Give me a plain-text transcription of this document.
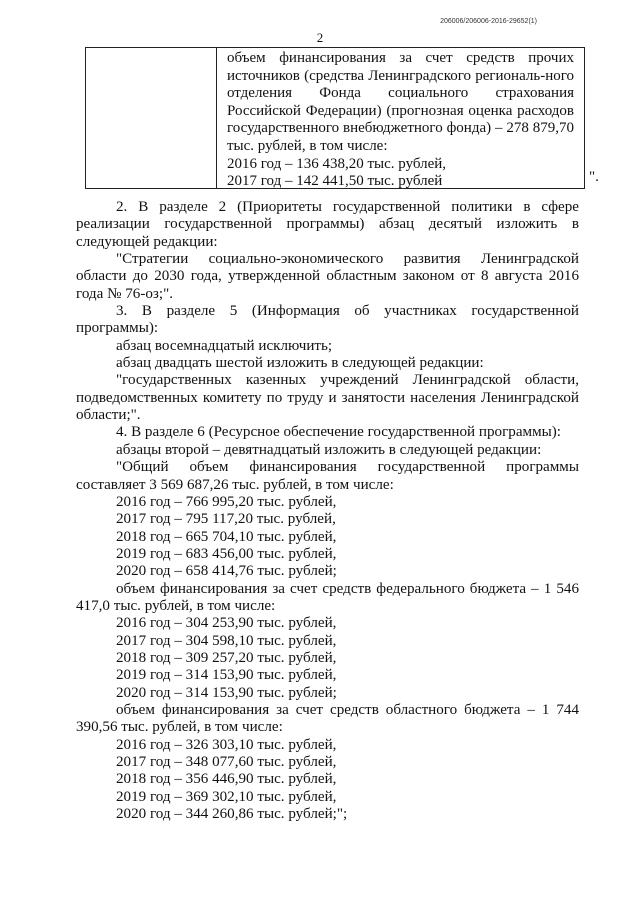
206006/206006-2016-29652(1)
2

объем финансирования за счет средств прочих источников (средства Ленинградского региональ-ного отделения Фонда социального страхования Российской Федерации) (прогнозная оценка расходов государственного внебюджетного фонда) – 278 879,70 тыс. рублей, в том числе:

2016 год – 136 438,20 тыс. рублей,
2017 год – 142 441,50 тыс. рублей	".

2. В разделе 2 (Приоритеты государственной политики в сфере реализации государственной программы) абзац десятый изложить в следующей редакции:

"Стратегии социально-экономического развития Ленинградской области до 2030 года, утвержденной областным законом от 8 августа 2016 года № 76-оз;".

3. В разделе 5 (Информация об участниках государственной программы):

абзац восемнадцатый исключить;

абзац двадцать шестой изложить в следующей редакции:

"государственных казенных учреждений Ленинградской области, подведомственных комитету по труду и занятости населения Ленинградской области;".

4. В разделе 6 (Ресурсное обеспечение государственной программы):

абзацы второй – девятнадцатый изложить в следующей редакции:

"Общий объем финансирования государственной программы составляет 3 569 687,26 тыс. рублей, в том числе:

2016 год – 766 995,20 тыс. рублей,

2017 год – 795 117,20 тыс. рублей,

2018 год – 665 704,10 тыс. рублей,

2019 год – 683 456,00 тыс. рублей,

2020 год – 658 414,76 тыс. рублей;

объем финансирования за счет средств федерального бюджета – 1 546 417,0 тыс. рублей, в том числе:

2016 год – 304 253,90 тыс. рублей,

2017 год – 304 598,10 тыс. рублей,

2018 год – 309 257,20 тыс. рублей,

2019 год – 314 153,90 тыс. рублей,

2020 год – 314 153,90 тыс. рублей;

объем финансирования за счет средств областного бюджета – 1 744 390,56 тыс. рублей, в том числе:

2016 год – 326 303,10 тыс. рублей,

2017 год – 348 077,60 тыс. рублей,

2018 год – 356 446,90 тыс. рублей,

2019 год – 369 302,10 тыс. рублей,

2020 год – 344 260,86 тыс. рублей;";
